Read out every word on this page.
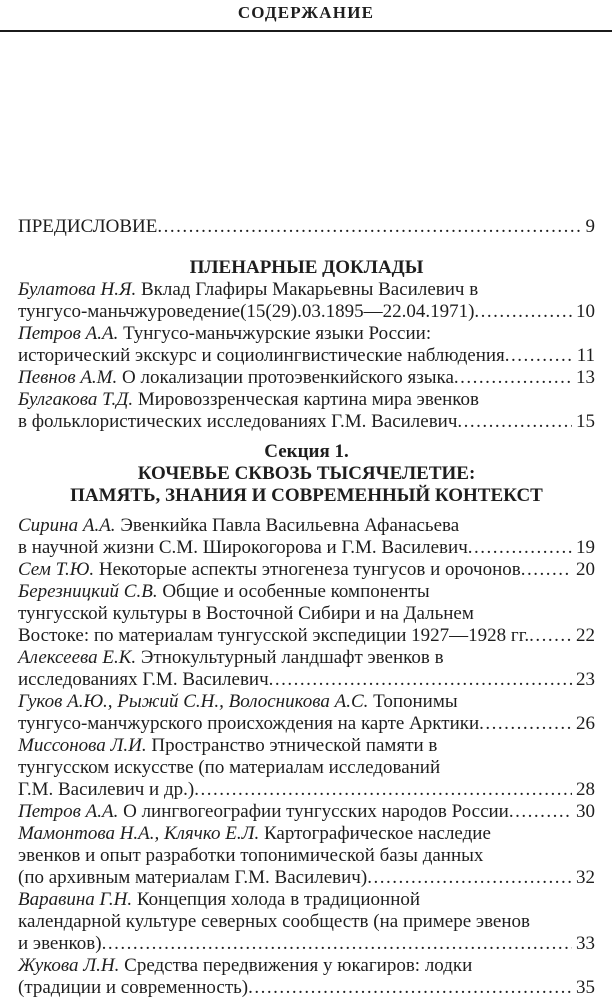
СОДЕРЖАНИЕ
ПРЕДИСЛОВИЕ .....	9
ПЛЕНАРНЫЕ ДОКЛАДЫ
Булатова Н.Я. Вклад Глафиры Макарьевны Василевич в
тунгусо-маньчжуроведение(15(29).03.1895—22.04.1971) .....	10
Петров А.А. Тунгусо-маньчжурские языки России:
исторический экскурс и социолингвистические наблюдения .....	11
Певнов А.М. О локализации протоэвенкийского языка .....	13
Булгакова Т.Д. Мировоззренческая картина мира эвенков
в фольклористических исследованиях Г.М. Василевич .....	15
Секция 1.
КОЧЕВЬЕ СКВОЗЬ ТЫСЯЧЕЛЕТИЕ:
ПАМЯТЬ, ЗНАНИЯ И СОВРЕМЕННЫЙ КОНТЕКСТ
Сирина А.А. Эвенкийка Павла Васильевна Афанасьева
в научной жизни С.М. Широкогорова и Г.М. Василевич .....	19
Сем Т.Ю. Некоторые аспекты этногенеза тунгусов и орочонов .....	20
Березницкий С.В. Общие и особенные компоненты
тунгусской культуры в Восточной Сибири и на Дальнем
Востоке: по материалам тунгусской экспедиции 1927—1928 гг. ..... 22
Алексеева Е.К. Этнокультурный ландшафт эвенков в
исследованиях Г.М. Василевич .....	23
Гуков А.Ю., Рыжий С.Н., Волосникова А.С. Топонимы
тунгусо-манчжурского происхождения на карте Арктики .....	26
Миссонова Л.И. Пространство этнической памяти в
тунгусском искусстве (по материалам исследований
Г.М. Василевич и др.) .....	28
Петров А.А. О лингвогеографии тунгусских народов России .....	30
Мамонтова Н.А., Клячко Е.Л. Картографическое наследие
эвенков и опыт разработки топонимической базы данных
(по архивным материалам Г.М. Василевич) .....	32
Варавина Г.Н. Концепция холода в традиционной
календарной культуре северных сообществ (на примере эвенов
и эвенков) .....	33
Жукова Л.Н. Средства передвижения у юкагиров: лодки
(традиции и современность) .....	35
